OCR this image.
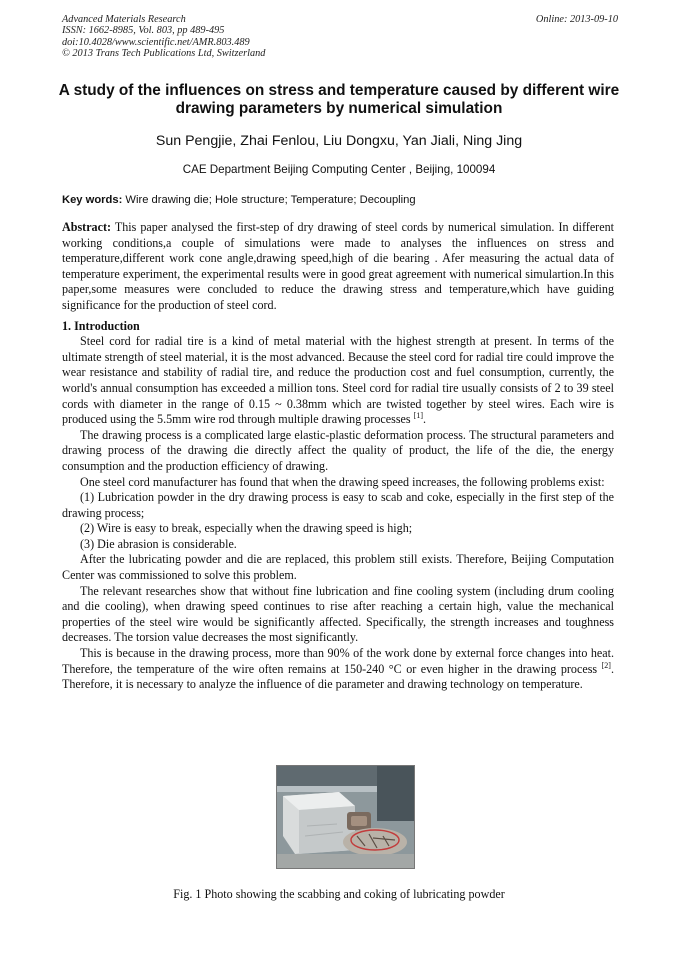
Advanced Materials Research
ISSN: 1662-8985, Vol. 803, pp 489-495
doi:10.4028/www.scientific.net/AMR.803.489
© 2013 Trans Tech Publications Ltd, Switzerland
Online: 2013-09-10
A study of the influences on stress and temperature caused by different wire drawing parameters by numerical simulation
Sun Pengjie, Zhai Fenlou, Liu Dongxu, Yan Jiali, Ning Jing
CAE Department Beijing Computing Center , Beijing, 100094
Key words: Wire drawing die; Hole structure; Temperature; Decoupling

Abstract: This paper analysed the first-step of dry drawing of steel cords by numerical simulation. In different working conditions,a couple of simulations were made to analyses the influences on stress and temperature,different work cone angle,drawing speed,high of die bearing . Afer measuring the actual data of temperature experiment, the experimental results were in good great agreement with numerical simulartion.In this paper,some measures were concluded to reduce the drawing stress and temperature,which have guiding significance for the production of steel cord.

1. Introduction

Steel cord for radial tire is a kind of metal material with the highest strength at present. In terms of the ultimate strength of steel material, it is the most advanced. Because the steel cord for radial tire could improve the wear resistance and stability of radial tire, and reduce the production cost and fuel consumption, currently, the world's annual consumption has exceeded a million tons. Steel cord for radial tire usually consists of 2 to 39 steel cords with diameter in the range of 0.15 ~ 0.38mm which are twisted together by steel wires. Each wire is produced using the 5.5mm wire rod through multiple drawing processes [1].

The drawing process is a complicated large elastic-plastic deformation process. The structural parameters and drawing process of the drawing die directly affect the quality of product, the life of the die, the energy consumption and the production efficiency of drawing.

One steel cord manufacturer has found that when the drawing speed increases, the following problems exist:

(1) Lubrication powder in the dry drawing process is easy to scab and coke, especially in the first step of the drawing process;

(2) Wire is easy to break, especially when the drawing speed is high;

(3) Die abrasion is considerable.

After the lubricating powder and die are replaced, this problem still exists. Therefore, Beijing Computation Center was commissioned to solve this problem.

The relevant researches show that without fine lubrication and fine cooling system (including drum cooling and die cooling), when drawing speed continues to rise after reaching a certain high, value the mechanical properties of the steel wire would be significantly affected. Specifically, the strength increases and toughness decreases. The torsion value decreases the most significantly.

This is because in the drawing process, more than 90% of the work done by external force changes into heat. Therefore, the temperature of the wire often remains at 150-240 °C or even higher in the drawing process [2]. Therefore, it is necessary to analyze the influence of die parameter and drawing technology on temperature.

Fig. 1 Photo showing the scabbing and coking of lubricating powder
